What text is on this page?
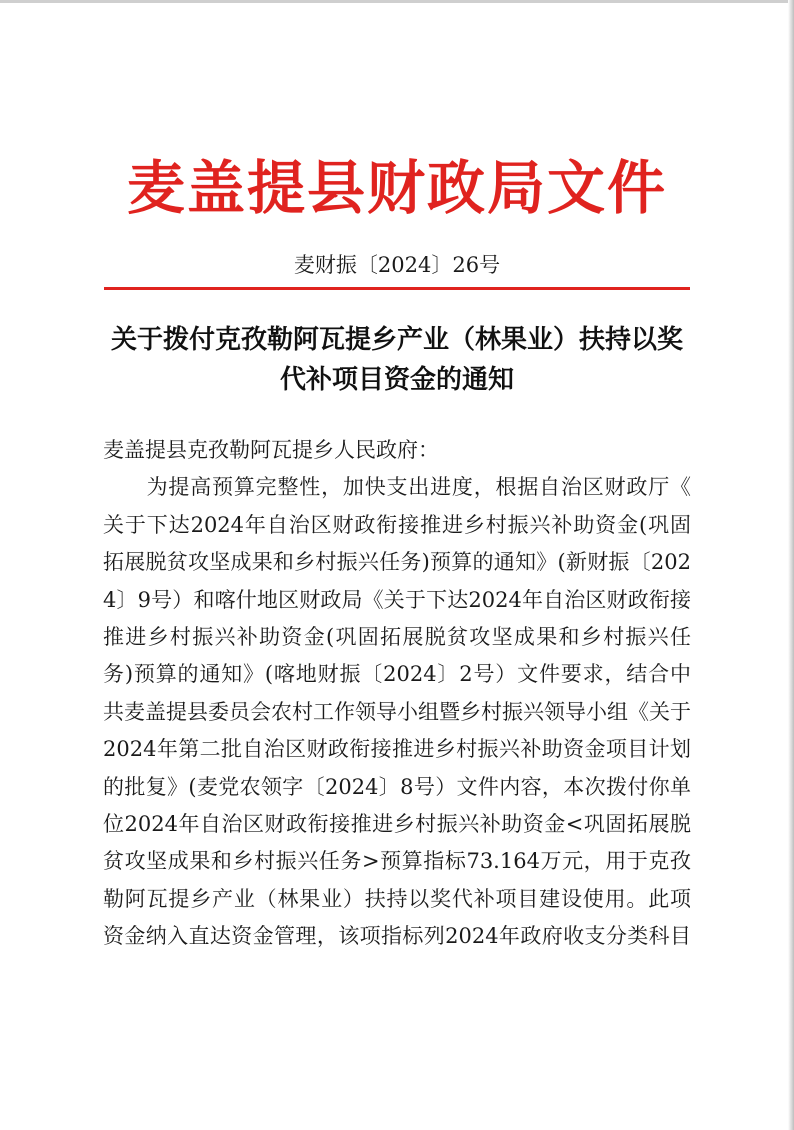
麦盖提县财政局文件
麦财振〔2024〕26号
关于拨付克孜勒阿瓦提乡产业（林果业）扶持以奖
代补项目资金的通知
麦盖提县克孜勒阿瓦提乡人民政府：
　　为提高预算完整性，加快支出进度，根据自治区财政厅《
关于下达2024年自治区财政衔接推进乡村振兴补助资金(巩固
拓展脱贫攻坚成果和乡村振兴任务)预算的通知》(新财振〔202
4〕9号）和喀什地区财政局《关于下达2024年自治区财政衔接
推进乡村振兴补助资金(巩固拓展脱贫攻坚成果和乡村振兴任
务)预算的通知》(喀地财振〔2024〕2号）文件要求，结合中
共麦盖提县委员会农村工作领导小组暨乡村振兴领导小组《关于
2024年第二批自治区财政衔接推进乡村振兴补助资金项目计划
的批复》(麦党农领字〔2024〕8号）文件内容，本次拨付你单
位2024年自治区财政衔接推进乡村振兴补助资金<巩固拓展脱
贫攻坚成果和乡村振兴任务>预算指标73.164万元，用于克孜
勒阿瓦提乡产业（林果业）扶持以奖代补项目建设使用。此项
资金纳入直达资金管理，该项指标列2024年政府收支分类科目
